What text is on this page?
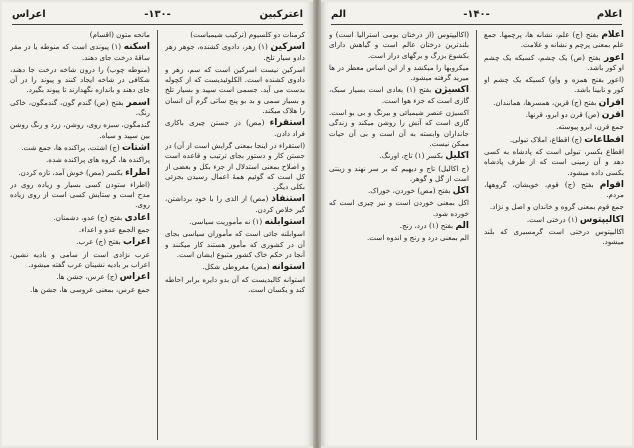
اعراس	-۱۳۰-	اعتركبين
کرمنات دو کلسیوم (ترکیب شیمیاست)
اسرکین (۱) زهر، دادوی کشنده، جوهر زهر دادو سیار تلخ.
اسرکین نیست اسرکین است که سم، زهر و دادوی کشنده است. الکلوئیدیست که از کچوله بدست می آید. جسمی است سپید و بسیار تلخ و بسیار سمی و بد بو پنج ساتی گرم آن انسان را هلاک میکند.
استقراء (مص) در جستن چیزی باکاری فراد دادن.
(استقراء در اینجا بمعنی گرایش است از آن) در جستن کار و دستور بجای ترتیب و قاعده است و اصلاح بمعنی استدلال از جزء بکل و بعضی از کل است که گوئیم همهٔ اعمال رسیدن بجزئی بکلی دیگر.
استنفاذ (مص) از الذی را با خود برداشتن، گیر خلاص کردن.
استوابلنه (۱) نه مأموریت سیاسی.
اسوابلنه جائی است که مأموران سیاسی بجای آن در کشوری که مأمور هستند کار میکنند و آنجا در حکم خاک کشور متبوع ایشان است.
استوانه (مص) مغروطی شکل.
استوانه کالبدیست که آن بدو دایره برابر احاطه کند و یکسان است.
ماتحه متون (اقسام)
اسکنه (۱) پیوندی است که منوطه یا در مقر ساقهٔ درخت جای دهند.
(منوطه چوب) را درون شاخه درخت جا دهند، شکافی در شاخه ایجاد کنند و پیوند را در آن جای دهند و باندازه نگهدارند تا پیوند بگیرد.
اسمر بفتح (ص) گندم گون، گندمگون، خاکی رنگ.
گندمگون، سبزه روی، روشن، زرد و رنگ روشن بین سپید و سیاه.
اشتات (ج) اشتت، پراکنده ها، جمع شت.
پراکنده ها، گروه های پراکنده شده.
اطراء بکسر (مص) خوش آمد، تازه کردن.
(اطراء ستودن کسی بسیار و زیاده روی در مدح است و ستایش کسی است از روی زیاده روی.
اعادی بفتح (ج) عدو، دشمنان.
جمع الجمع عدو و اعداء.
اعراب بفتح (ج) عرب.
عرب نژادی است از سامی و بادیه نشین، اعراب بر بادیه نشینان عرب گفته میشود.
اعراس (ج) عرس، جشن ها.
جمع عرس، بمعنی عروسی ها، جشن ها.
الم	-۱۴۰-	اعلام
اعلام بفتح (ج) علم، نشانه ها، پرچمها. جمع علم بمعنی پرچم و نشانه و علامت.
اعور بفتح (ص) یک چشم، کسیکه یک چشم او کور باشد.
(اعور بفتح همزه و واو) کسیکه یک چشم او کور و نابینا باشد.
اقران بفتح (ج) قرین، همسرها، همانندان.
اقرن (ص) قرن دو ابرو، قرنها.
جمع قرن، ابرو پیوسته.
اقطاعات (ج) اقطاع، املاک تیولی.
اقطاع بکسر، تیولی است که پادشاه به کسی دهد و آن زمینی است که از طرف پادشاه بکسی داده میشود.
اقوام بفتح (ج) قوم، خویشان، گروهها، مردم.
جمع قوم بمعنی گروه و خاندان و اصل و نژاد.
اکالیپتوس (۱) درختی است.
اکالیپتوس درختی است گرمسیری که بلند میشود.
(اکالیپتوس (از درختان بومی استرالیا است) و بلندترین درختان عالم است و گیاهش دارای بکشوع بزرگ و برگهای دراز است.
میکروبها را میکشد و از این اساس معطر در ها میرید گرفته میشود.
اکسیژن بفتح (۱) بعادی است بسیار سبک، گازی است که جزء هوا است.
اکسیژن عنصر شیمیائی و بیرنگ و بی بو است. گازی است که آتش را روشن میکند و زندگی جانداران وابسته به آن است و بی آن حیات ممکن نیست.
اکلیل بکسر (۱) تاج، اورنگ.
(ج اکالیل) تاج و دیهیم که بر سر نهند و زینتی است از گل و گوهر.
اکل بفتح (مص) خوردن، خوراک.
اکل بمعنی خوردن است و نیز چیزی است که خورده شود.
الم بفتح (۱) درد، رنج.
الم بمعنی درد و رنج و اندوه است.
